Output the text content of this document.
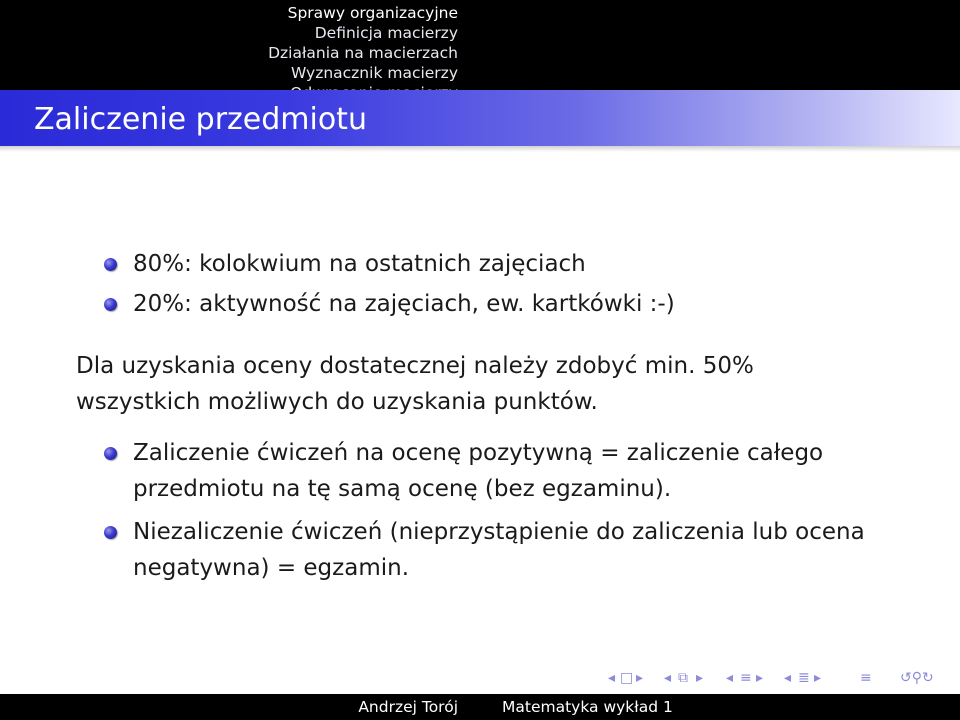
Sprawy organizacyjne
Definicja macierzy
Działania na macierzach
Wyznacznik macierzy
Zaliczenie przedmiotu
80%: kolokwium na ostatnich zajęciach
20%: aktywność na zajęciach, ew. kartkówki :-)
Dla uzyskania oceny dostatecznej należy zdobyć min. 50%
wszystkich możliwych do uzyskania punktów.
Zaliczenie ćwiczeń na ocenę pozytywną = zaliczenie całego
przedmiotu na tę samą ocenę (bez egzaminu).
Niezaliczenie ćwiczeń (nieprzystąpienie do zaliczenia lub ocena
negatywna) = egzamin.
◂ □ ▸ ◂ ⧉ ▸ ◂ ≡ ▸ ◂ ≣ ▸	≡ ↺⚲↻
Andrzej Torój	Matematyka wykład 1
